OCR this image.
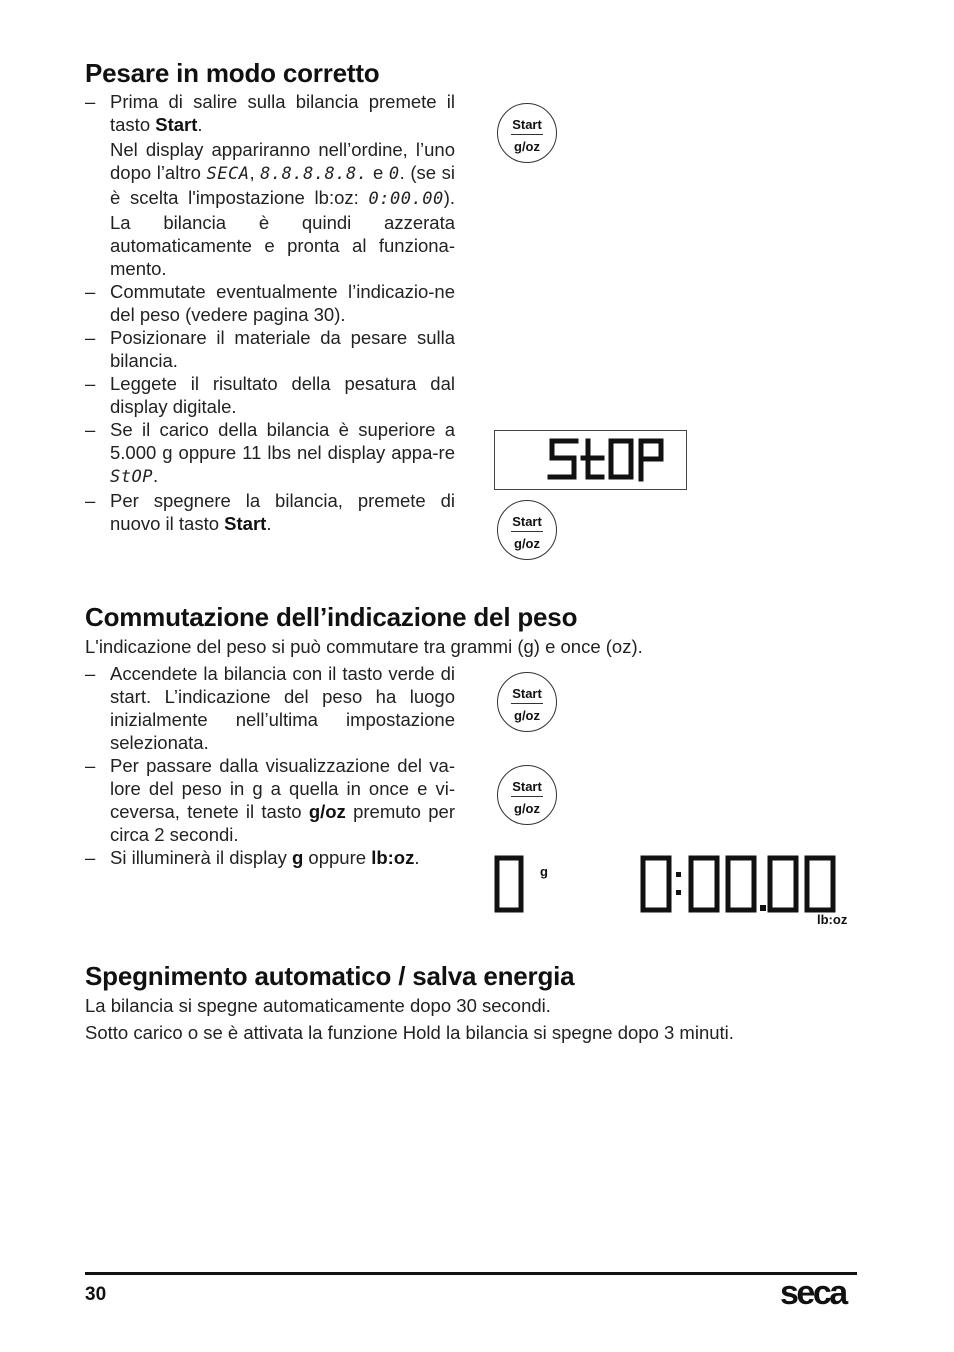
Pesare in modo corretto

– Prima di salire sulla bilancia premete il tasto Start.

Nel display appariranno nell’ordine, l’uno dopo l’altro SECA, 8.8.8.8.8. e 0. (se si è scelta l'impostazione lb:oz: 0:00.00). La bilancia è quindi azzerata automaticamente e pronta al funziona-mento.

– Commutate eventualmente l’indicazio-ne del peso (vedere pagina 30).
– Posizionare il materiale da pesare sulla bilancia.
– Leggete il risultato della pesatura dal display digitale.
– Se il carico della bilancia è superiore a 5.000 g oppure 11 lbs nel display appa-re StOP.
– Per spegnere la bilancia, premete di nuovo il tasto Start.
Start
g/oz
Start
g/oz
Commutazione dell’indicazione del peso
L'indicazione del peso si può commutare tra grammi (g) e once (oz).
– Accendete la bilancia con il tasto verde di start. L’indicazione del peso ha luogo inizialmente nell’ultima impostazione selezionata.
– Per passare dalla visualizzazione del va-lore del peso in g a quella in once e vi-ceversa, tenete il tasto g/oz premuto per circa 2 secondi.
– Si illuminerà il display g oppure lb:oz.
Start
g/oz
Start
g/oz
g
lb:oz
Spegnimento automatico / salva energia
La bilancia si spegne automaticamente dopo 30 secondi.
Sotto carico o se è attivata la funzione Hold la bilancia si spegne dopo 3 minuti.
30	seca
